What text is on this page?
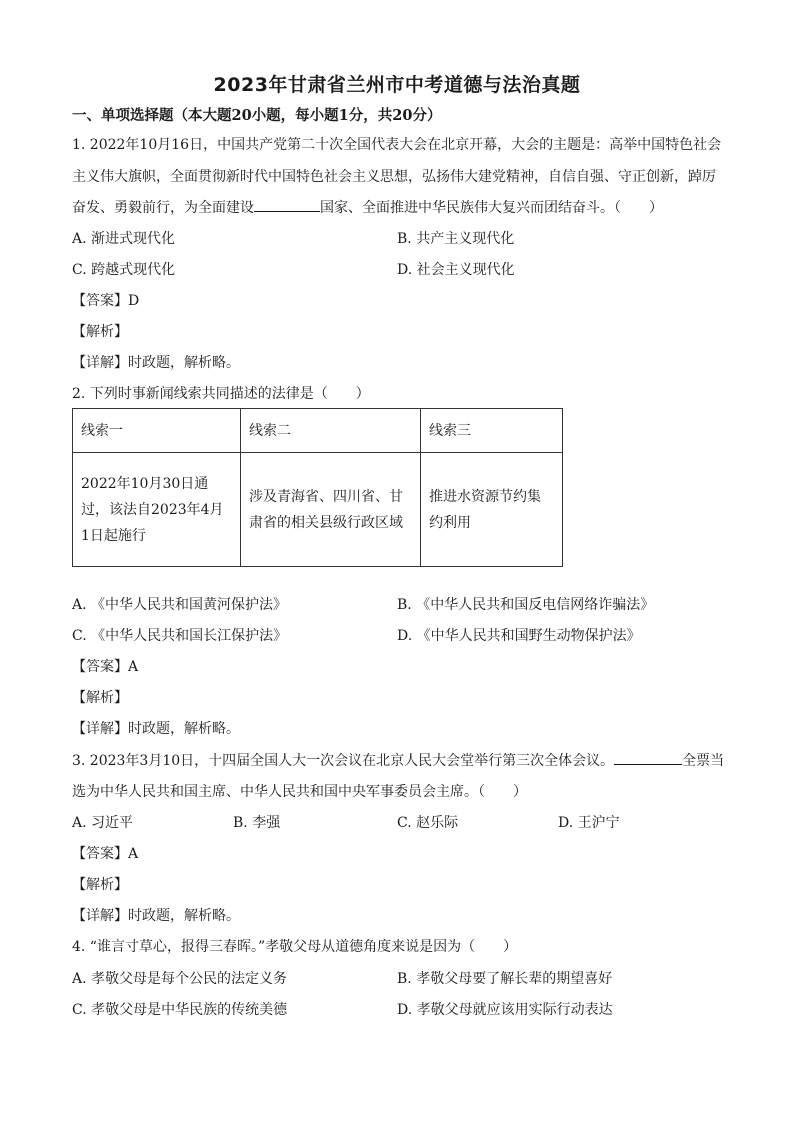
2023年甘肃省兰州市中考道德与法治真题
一、单项选择题（本大题20小题，每小题1分，共20分）
1. 2022年10月16日，中国共产党第二十次全国代表大会在北京开幕，大会的主题是：高举中国特色社会
主义伟大旗帜，全面贯彻新时代中国特色社会主义思想，弘扬伟大建党精神，自信自强、守正创新，踔厉
奋发、勇毅前行，为全面建设	国家、全面推进中华民族伟大复兴而团结奋斗。（　　）
A. 渐进式现代化	B. 共产主义现代化
C. 跨越式现代化	D. 社会主义现代化
【答案】D
【解析】
【详解】时政题，解析略。
2. 下列时事新闻线索共同描述的法律是（　　）
线索一	线索二	线索三
2022年10月30日通过，该法自2023年4月1日起施行	涉及青海省、四川省、甘肃省的相关县级行政区域	推进水资源节约集约利用
A. 《中华人民共和国黄河保护法》	B. 《中华人民共和国反电信网络诈骗法》
C. 《中华人民共和国长江保护法》	D. 《中华人民共和国野生动物保护法》
【答案】A
【解析】
【详解】时政题，解析略。
3. 2023年3月10日，十四届全国人大一次会议在北京人民大会堂举行第三次全体会议。	全票当
选为中华人民共和国主席、中华人民共和国中央军事委员会主席。（　　）
A. 习近平	B. 李强	C. 赵乐际	D. 王沪宁
【答案】A
【解析】
【详解】时政题，解析略。
4. “谁言寸草心，报得三春晖。”孝敬父母从道德角度来说是因为（　　）
A. 孝敬父母是每个公民的法定义务	B. 孝敬父母要了解长辈的期望喜好
C. 孝敬父母是中华民族的传统美德	D. 孝敬父母就应该用实际行动表达
